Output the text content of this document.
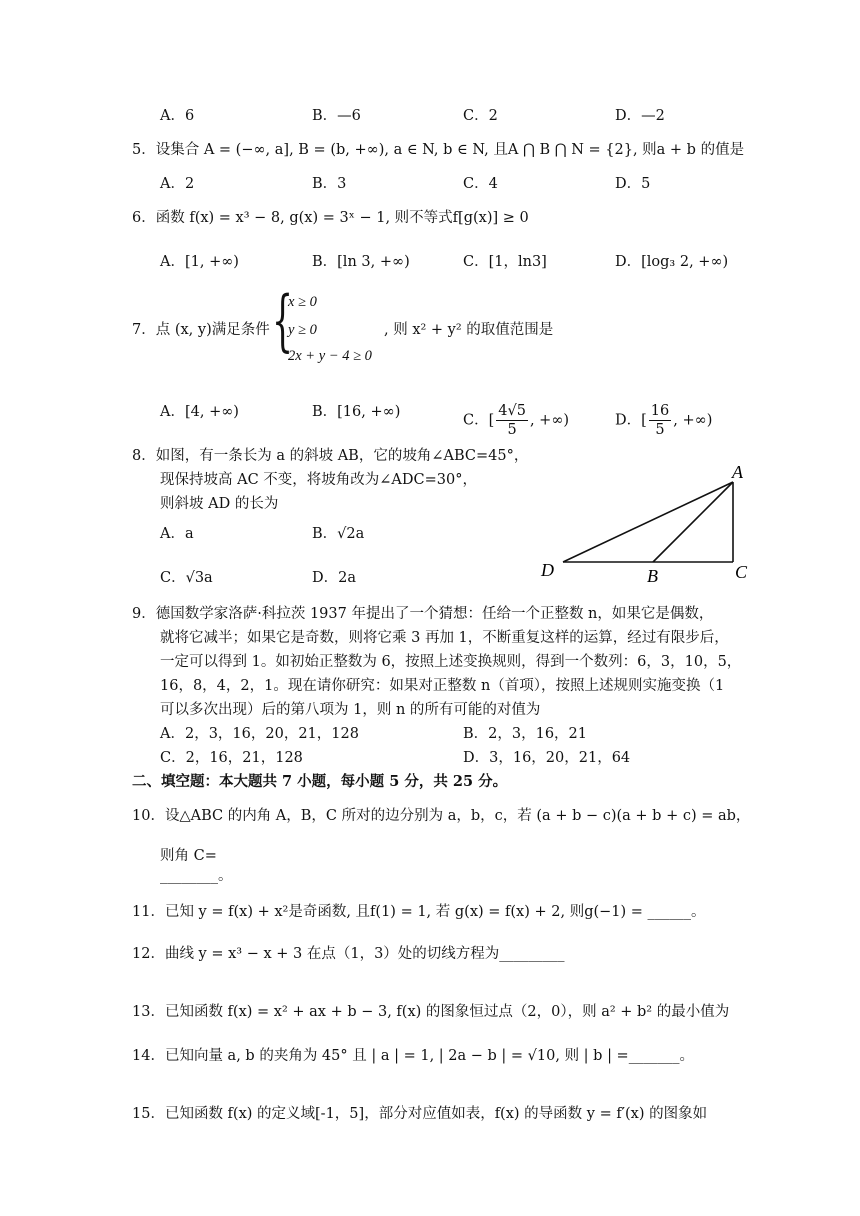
A．6	B．—6	C．2	D．—2
5．设集合 A = (−∞, a], B = (b, +∞), a ∈ N, b ∈ N, 且A ⋂ B ⋂ N = {2}, 则a + b 的值是
A．2	B．3	C．4	D．5
6．函数 f(x) = x³ − 8, g(x) = 3ˣ − 1, 则不等式f[g(x)] ≥ 0
A．[1, +∞)	B．[ln 3, +∞)	C．[1，ln3]	D．[log₃ 2, +∞)
7．点 (x, y)满足条件 {
x ≥ 0
y ≥ 0
2x + y − 4 ≥ 0
, 则 x² + y² 的取值范围是
A．[4, +∞)	B．[16, +∞)
C．[ $\frac{4√5}{5}$ , +∞)	D．[ $\frac{16}{5}$ , +∞)
8．如图，有一条长为 a 的斜坡 AB，它的坡角∠ABC=45°，
现保持坡高 AC 不变，将坡角改为∠ADC=30°，
则斜坡 AD 的长为
A．a	B．√2a
C．√3a	D．2a
A
D	B	C
9．德国数学家洛萨·科拉茨 1937 年提出了一个猜想：任给一个正整数 n，如果它是偶数，
就将它减半；如果它是奇数，则将它乘 3 再加 1，不断重复这样的运算，经过有限步后，
一定可以得到 1。如初始正整数为 6，按照上述变换规则，得到一个数列：6，3，10，5，
16，8，4，2，1。现在请你研究：如果对正整数 n（首项），按照上述规则实施变换（1
可以多次出现）后的第八项为 1，则 n 的所有可能的对值为
A．2，3，16，20，21，128	B．2，3，16，21
C．2，16，21，128	D．3，16，20，21，64
二、填空题：本大题共 7 小题，每小题 5 分，共 25 分。
10．设△ABC 的内角 A，B，C 所对的边分别为 a，b，c，若 (a + b − c)(a + b + c) = ab，
则角 C=
________。
11．已知 y = f(x) + x²是奇函数, 且f(1) = 1, 若 g(x) = f(x) + 2, 则g(−1) = ______。
12．曲线 y = x³ − x + 3 在点（1，3）处的切线方程为_________
13．已知函数 f(x) = x² + ax + b − 3, f(x) 的图象恒过点（2，0），则 a² + b² 的最小值为
14．已知向量 a, b 的夹角为 45° 且 | a | = 1, | 2a − b | = √10, 则 | b | =_______。
15．已知函数 f(x) 的定义域[-1，5]，部分对应值如表，f(x) 的导函数 y = f′(x) 的图象如
